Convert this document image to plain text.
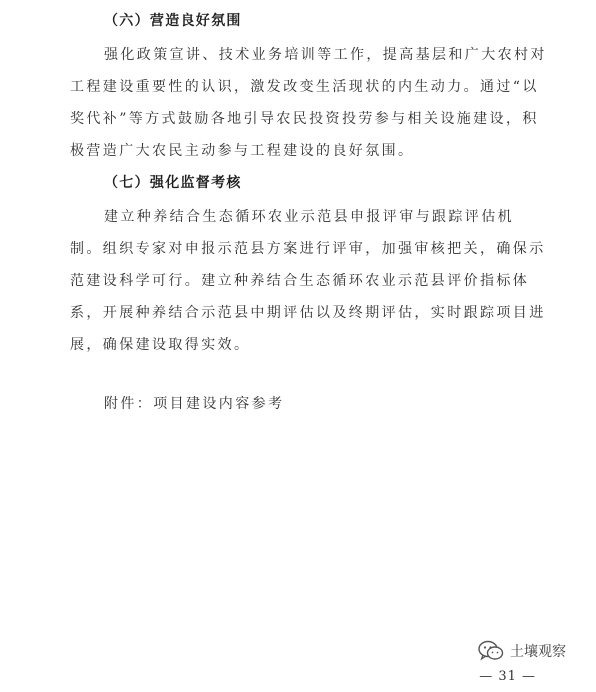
（六）营造良好氛围
强化政策宣讲、技术业务培训等工作，提高基层和广大农村对
工程建设重要性的认识，激发改变生活现状的内生动力。通过“以
奖代补”等方式鼓励各地引导农民投资投劳参与相关设施建设，积
极营造广大农民主动参与工程建设的良好氛围。
（七）强化监督考核
建立种养结合生态循环农业示范县申报评审与跟踪评估机
制。组织专家对申报示范县方案进行评审，加强审核把关，确保示
范建设科学可行。建立种养结合生态循环农业示范县评价指标体
系，开展种养结合示范县中期评估以及终期评估，实时跟踪项目进
展，确保建设取得实效。
附件：项目建设内容参考
土壤观察
— 31 —
